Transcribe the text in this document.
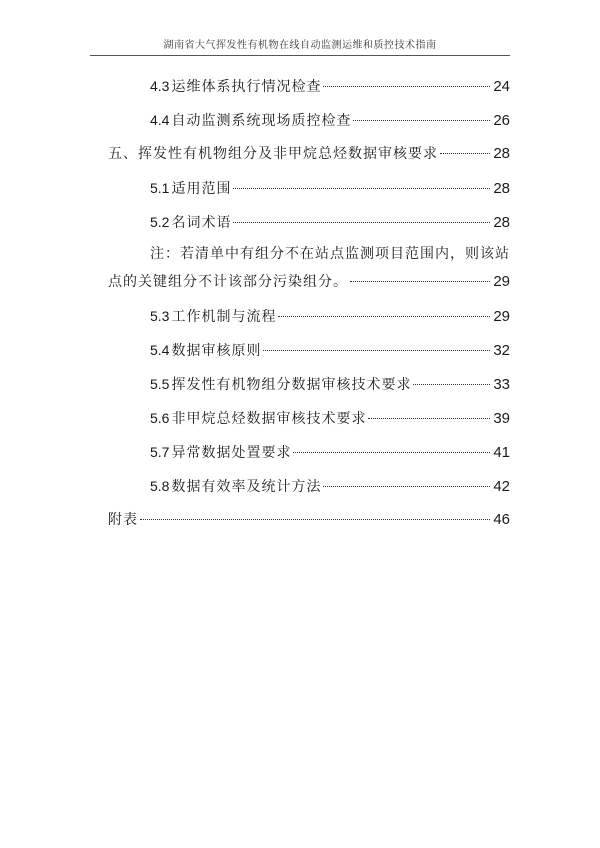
湖南省大气挥发性有机物在线自动监测运维和质控技术指南
4.3 运维体系执行情况检查	24
4.4 自动监测系统现场质控检查	26
五、挥发性有机物组分及非甲烷总烃数据审核要求	28
5.1 适用范围	28
5.2 名词术语	28
注：若清单中有组分不在站点监测项目范围内，则该站
点的关键组分不计该部分污染组分。	29
5.3 工作机制与流程	29
5.4 数据审核原则	32
5.5 挥发性有机物组分数据审核技术要求	33
5.6 非甲烷总烃数据审核技术要求	39
5.7 异常数据处置要求	41
5.8 数据有效率及统计方法	42
附表	46
